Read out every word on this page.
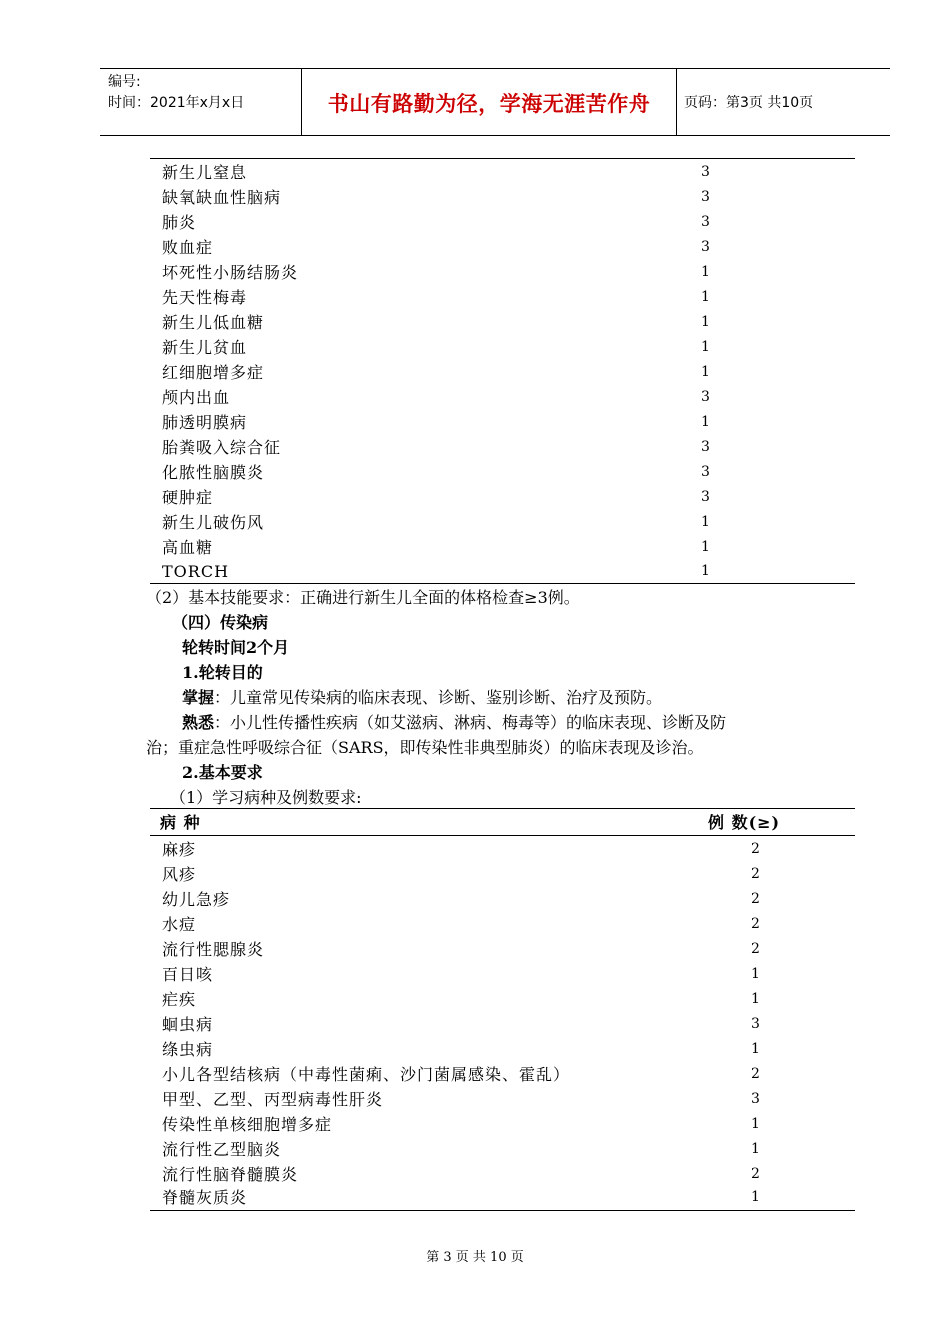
编号:
时间：2021年x月x日	书山有路勤为径，学海无涯苦作舟	页码：第3页 共10页
新生儿窒息	3
缺氧缺血性脑病	3
肺炎	3
败血症	3
坏死性小肠结肠炎	1
先天性梅毒	1
新生儿低血糖	1
新生儿贫血	1
红细胞增多症	1
颅内出血	3
肺透明膜病	1
胎粪吸入综合征	3
化脓性脑膜炎	3
硬肿症	3
新生儿破伤风	1
高血糖	1
TORCH	1
（2）基本技能要求：正确进行新生儿全面的体格检查≥3例。
（四）传染病
轮转时间2个月
1.轮转目的
掌握：儿童常见传染病的临床表现、诊断、鉴别诊断、治疗及预防。
熟悉：小儿性传播性疾病（如艾滋病、淋病、梅毒等）的临床表现、诊断及防
治；重症急性呼吸综合征（SARS，即传染性非典型肺炎）的临床表现及诊治。
2.基本要求
（1）学习病种及例数要求:
病 种	例 数(≥)
麻疹	2
风疹	2
幼儿急疹	2
水痘	2
流行性腮腺炎	2
百日咳	1
疟疾	1
蛔虫病	3
绦虫病	1
小儿各型结核病（中毒性菌痢、沙门菌属感染、霍乱）	2
甲型、乙型、丙型病毒性肝炎	3
传染性单核细胞增多症	1
流行性乙型脑炎	1
流行性脑脊髓膜炎	2
脊髓灰质炎	1
第 3 页 共 10 页
